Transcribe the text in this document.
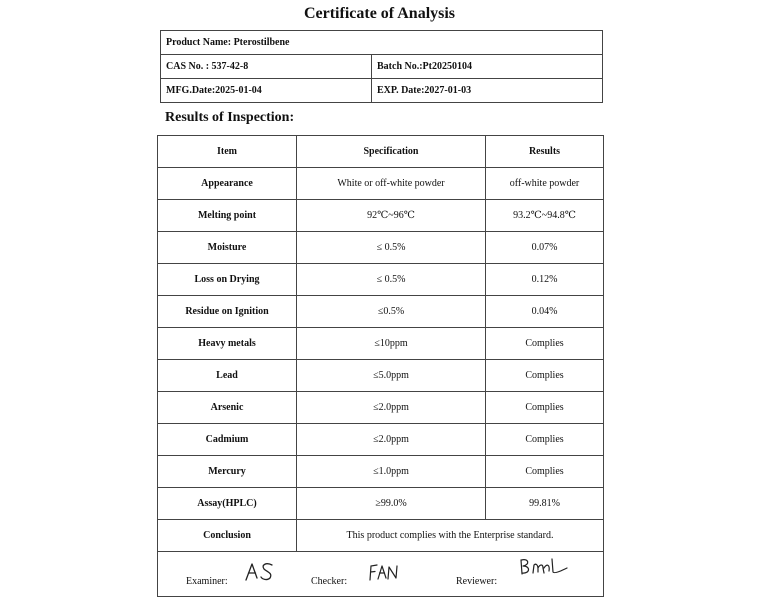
Certificate of Analysis
Product Name: Pterostilbene	
CAS No. : 537-42-8	Batch No.:Pt20250104
MFG.Date:2025-01-04	EXP. Date:2027-01-03
Results of Inspection:
Item	Specification	Results
Appearance	White or off-white powder	off-white powder
Melting point	92℃~96℃	93.2℃~94.8℃
Moisture	≤ 0.5%	0.07%
Loss on Drying	≤ 0.5%	0.12%
Residue on Ignition	≤0.5%	0.04%
Heavy metals	≤10ppm	Complies
Lead	≤5.0ppm	Complies
Arsenic	≤2.0ppm	Complies
Cadmium	≤2.0ppm	Complies
Mercury	≤1.0ppm	Complies
Assay(HPLC)	≥99.0%	99.81%
Conclusion	This product complies with the Enterprise standard.	

Examiner: Checker: Reviewer:		
